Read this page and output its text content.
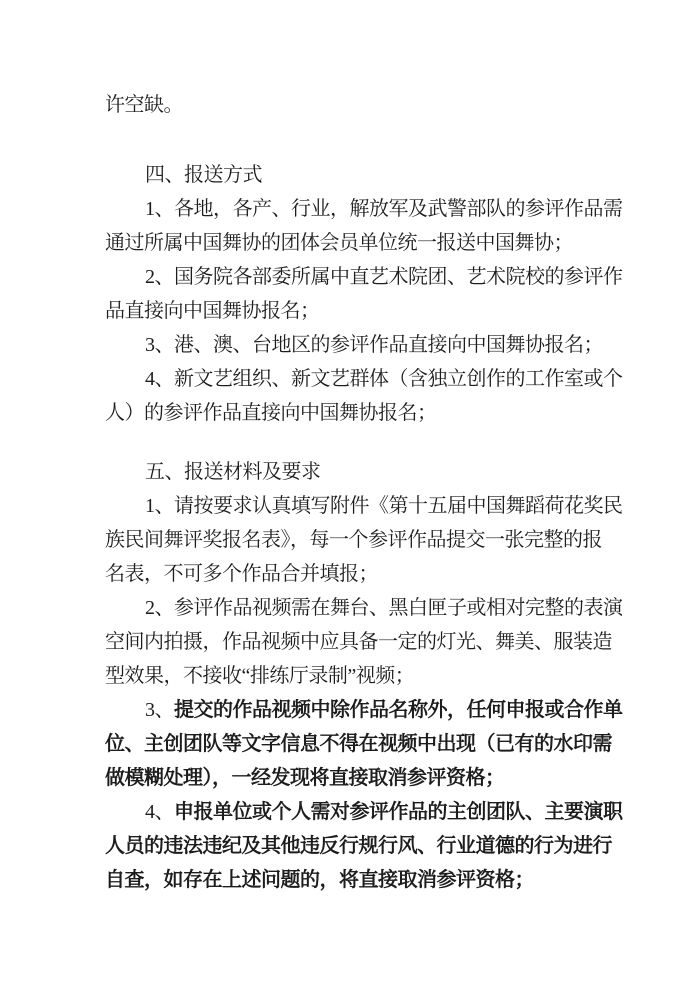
许空缺。
四、报送方式
1、各地，各产、行业，解放军及武警部队的参评作品需
通过所属中国舞协的团体会员单位统一报送中国舞协；
2、国务院各部委所属中直艺术院团、艺术院校的参评作
品直接向中国舞协报名；
3、港、澳、台地区的参评作品直接向中国舞协报名；
4、新文艺组织、新文艺群体（含独立创作的工作室或个
人）的参评作品直接向中国舞协报名；
五、报送材料及要求
1、请按要求认真填写附件《第十五届中国舞蹈荷花奖民
族民间舞评奖报名表》，每一个参评作品提交一张完整的报
名表，不可多个作品合并填报；
2、参评作品视频需在舞台、黑白匣子或相对完整的表演
空间内拍摄，作品视频中应具备一定的灯光、舞美、服装造
型效果，不接收“排练厅录制”视频；
3、提交的作品视频中除作品名称外，任何申报或合作单
位、主创团队等文字信息不得在视频中出现（已有的水印需
做模糊处理），一经发现将直接取消参评资格；
4、申报单位或个人需对参评作品的主创团队、主要演职
人员的违法违纪及其他违反行规行风、行业道德的行为进行
自查，如存在上述问题的，将直接取消参评资格；
